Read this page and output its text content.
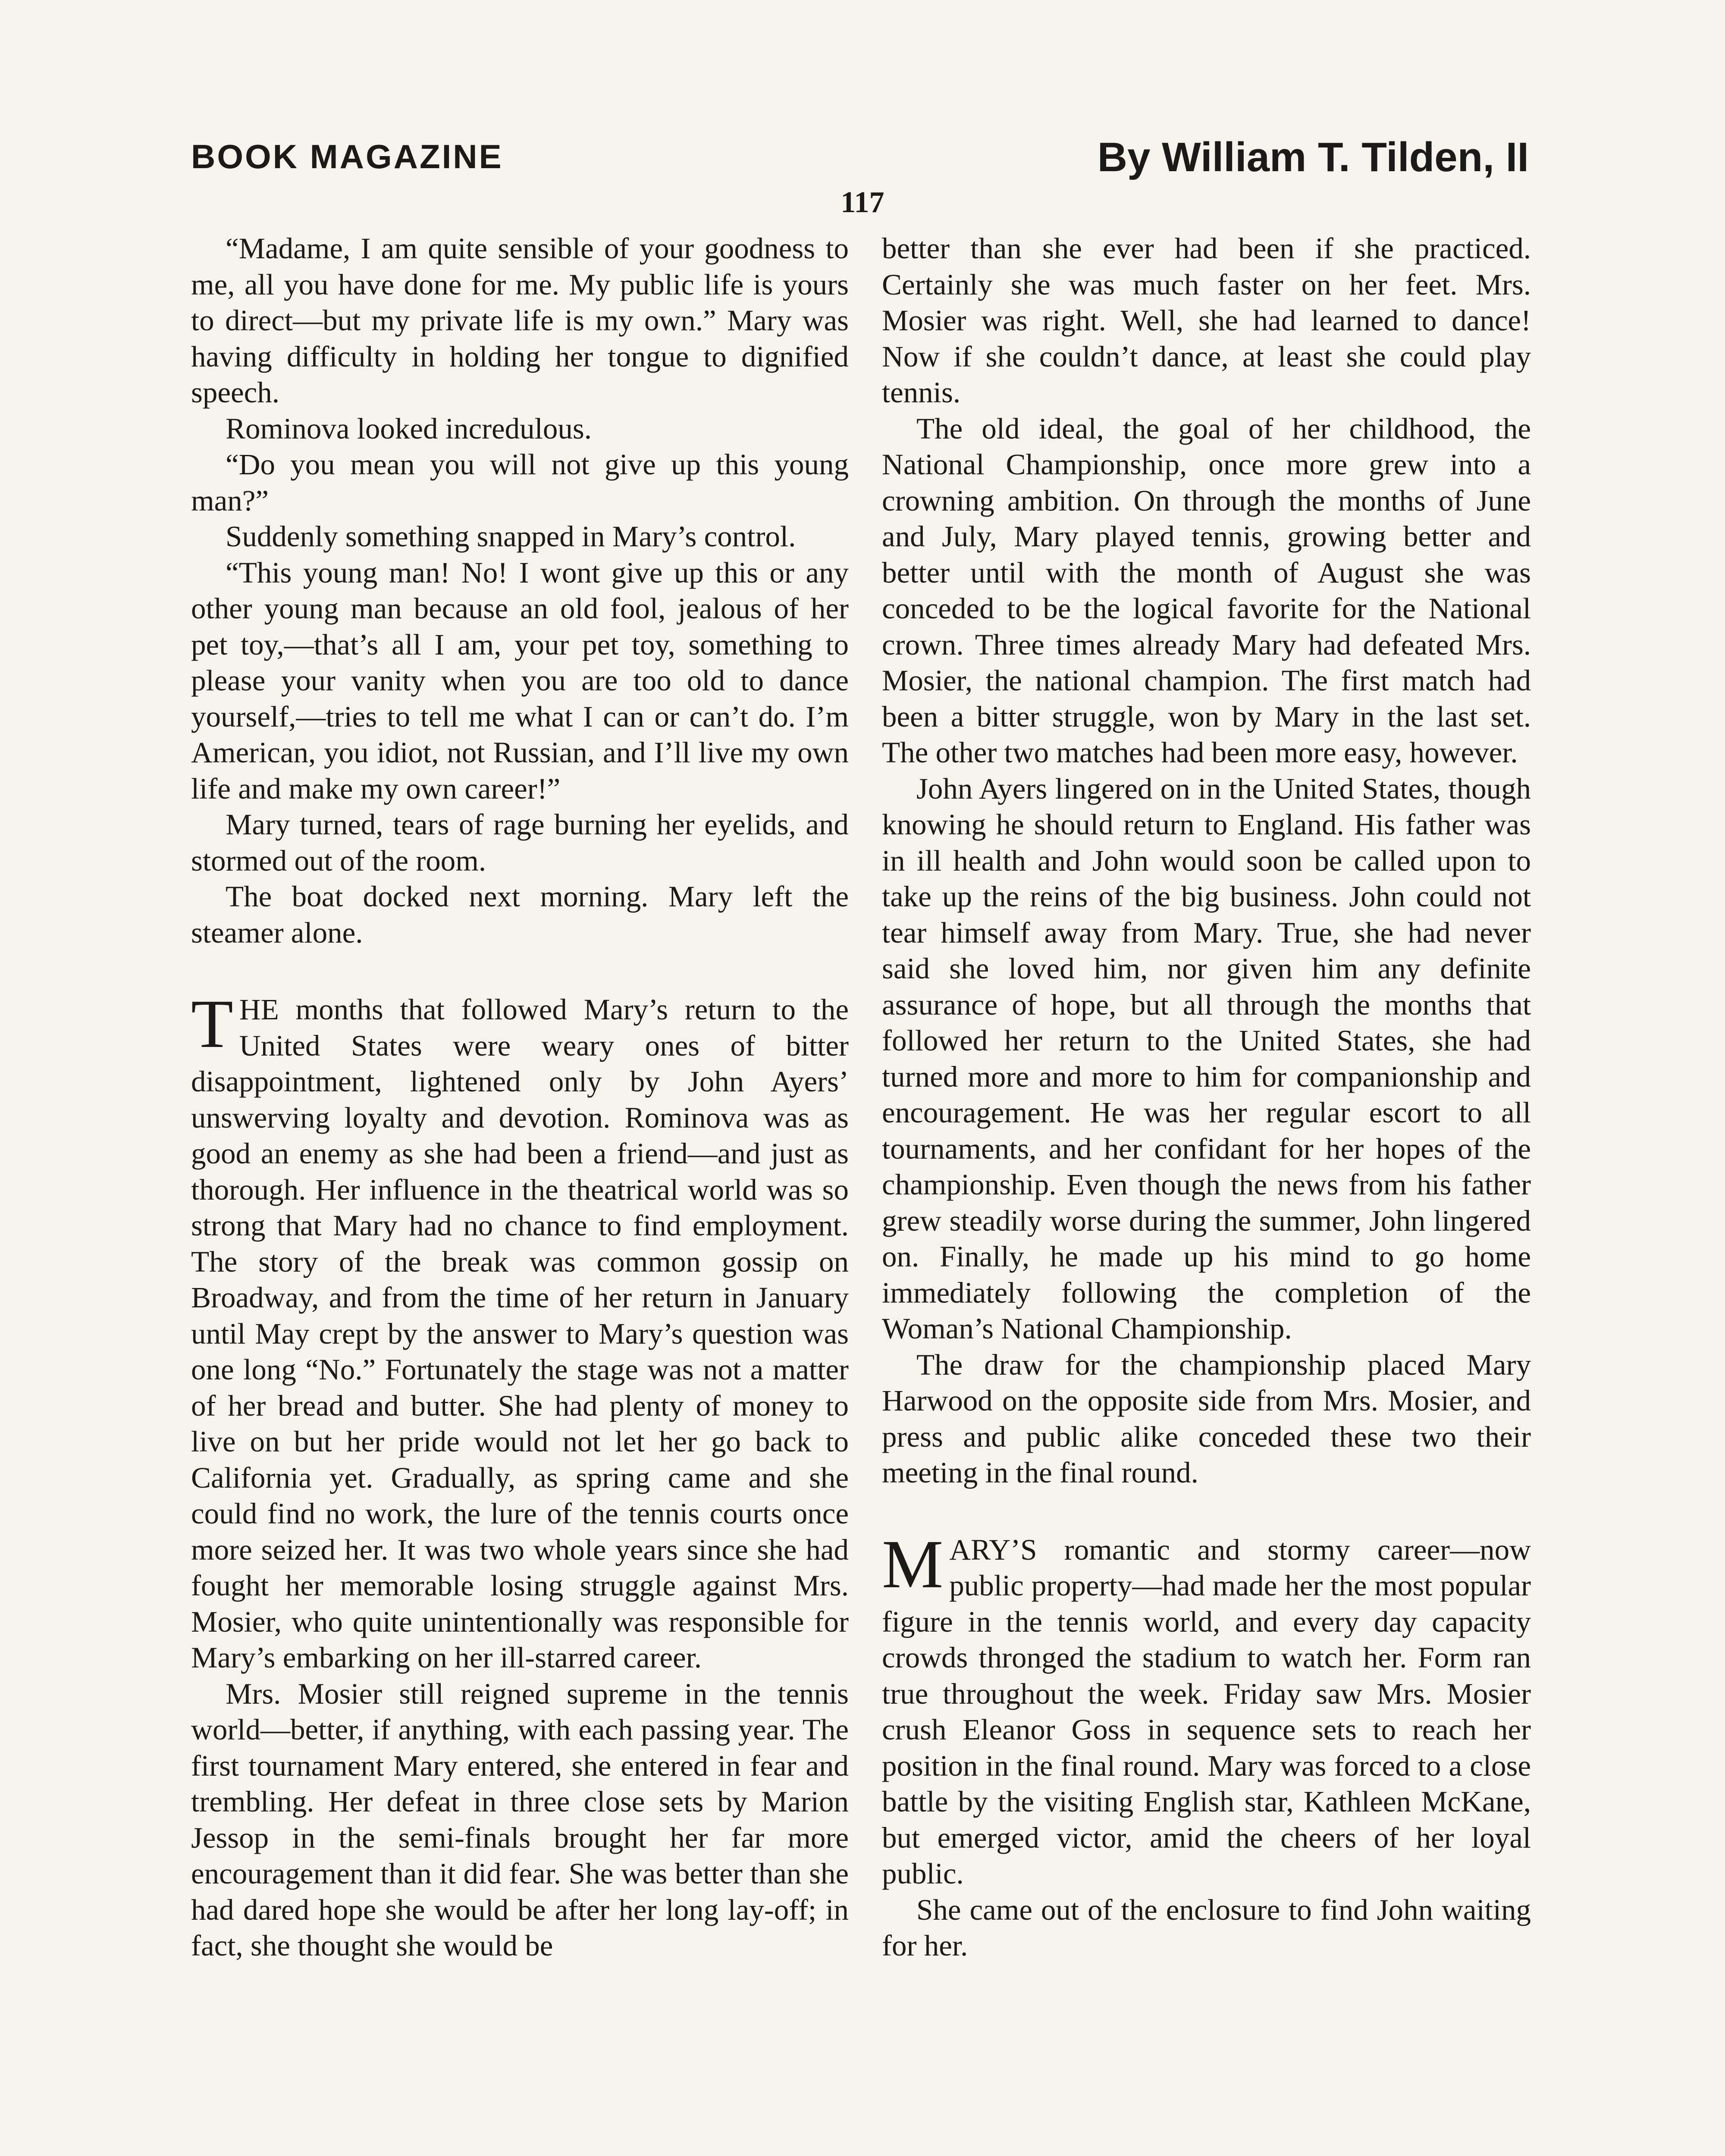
BOOK MAGAZINE	By William T. Tilden, II
117

“Madame, I am quite sensible of your goodness to me, all you have done for me. My public life is yours to direct—but my private life is my own.” Mary was having difficulty in holding her tongue to dignified speech.

Rominova looked incredulous.

“Do you mean you will not give up this young man?”

Suddenly something snapped in Mary’s control.

“This young man! No! I wont give up this or any other young man because an old fool, jealous of her pet toy,—that’s all I am, your pet toy, something to please your vanity when you are too old to dance yourself,—tries to tell me what I can or can’t do. I’m American, you idiot, not Russian, and I’ll live my own life and make my own career!”

Mary turned, tears of rage burning her eyelids, and stormed out of the room.

The boat docked next morning. Mary left the steamer alone.

THE months that followed Mary’s return to the United States were weary ones of bitter disappointment, lightened only by John Ayers’ unswerving loyalty and devotion. Rominova was as good an enemy as she had been a friend—and just as thorough. Her influence in the theatrical world was so strong that Mary had no chance to find employment. The story of the break was common gossip on Broadway, and from the time of her return in January until May crept by the answer to Mary’s question was one long “No.” Fortunately the stage was not a matter of her bread and butter. She had plenty of money to live on but her pride would not let her go back to California yet. Gradually, as spring came and she could find no work, the lure of the tennis courts once more seized her. It was two whole years since she had fought her memorable losing struggle against Mrs. Mosier, who quite unintentionally was responsible for Mary’s embarking on her ill-starred career.

Mrs. Mosier still reigned supreme in the tennis world—better, if anything, with each passing year. The first tournament Mary entered, she entered in fear and trembling. Her defeat in three close sets by Marion Jessop in the semi-finals brought her far more encouragement than it did fear. She was better than she had dared hope she would be after her long lay-off; in fact, she thought she would be

better than she ever had been if she practiced. Certainly she was much faster on her feet. Mrs. Mosier was right. Well, she had learned to dance! Now if she couldn’t dance, at least she could play tennis.

The old ideal, the goal of her childhood, the National Championship, once more grew into a crowning ambition. On through the months of June and July, Mary played tennis, growing better and better until with the month of August she was conceded to be the logical favorite for the National crown. Three times already Mary had defeated Mrs. Mosier, the national champion. The first match had been a bitter struggle, won by Mary in the last set. The other two matches had been more easy, however.

John Ayers lingered on in the United States, though knowing he should return to England. His father was in ill health and John would soon be called upon to take up the reins of the big business. John could not tear himself away from Mary. True, she had never said she loved him, nor given him any definite assurance of hope, but all through the months that followed her return to the United States, she had turned more and more to him for companionship and encouragement. He was her regular escort to all tournaments, and her confidant for her hopes of the championship. Even though the news from his father grew steadily worse during the summer, John lingered on. Finally, he made up his mind to go home immediately following the completion of the Woman’s National Championship.

The draw for the championship placed Mary Harwood on the opposite side from Mrs. Mosier, and press and public alike conceded these two their meeting in the final round.

MARY’S romantic and stormy career—now public property—had made her the most popular figure in the tennis world, and every day capacity crowds thronged the stadium to watch her. Form ran true throughout the week. Friday saw Mrs. Mosier crush Eleanor Goss in sequence sets to reach her position in the final round. Mary was forced to a close battle by the visiting English star, Kathleen McKane, but emerged victor, amid the cheers of her loyal public.

She came out of the enclosure to find John waiting for her.
